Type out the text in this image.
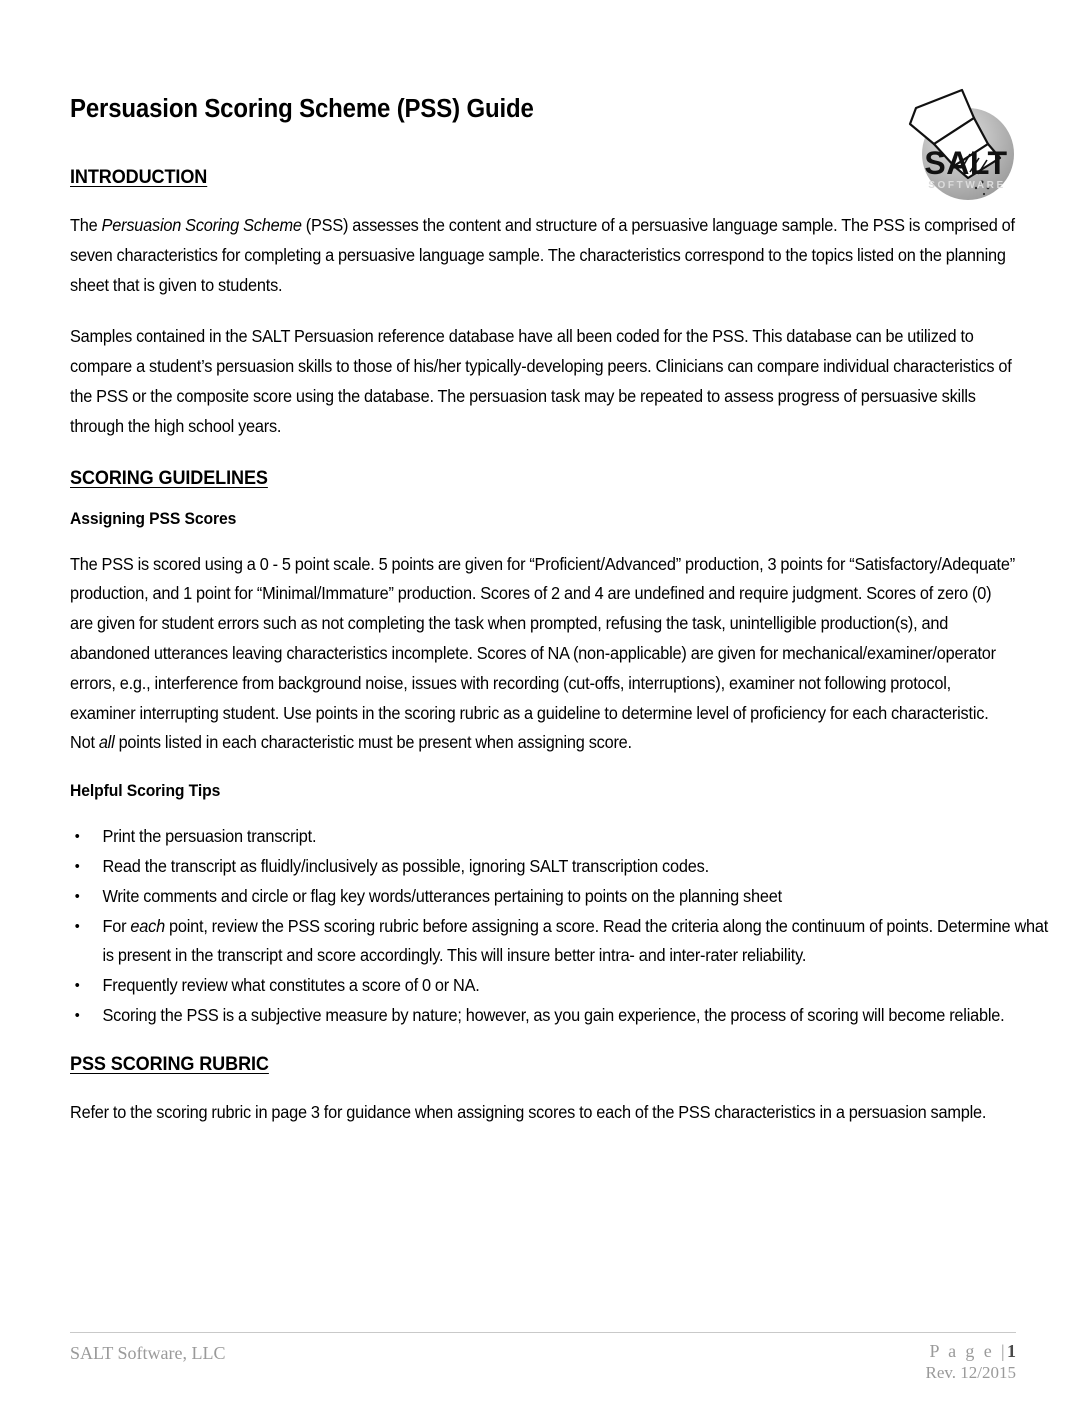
Persuasion Scoring Scheme (PSS) Guide
SALT
SOFTWARE
INTRODUCTION

The Persuasion Scoring Scheme (PSS) assesses the content and structure of a persuasive language sample. The PSS is comprised of seven characteristics for completing a persuasive language sample. The characteristics correspond to the topics listed on the planning sheet that is given to students.

Samples contained in the SALT Persuasion reference database have all been coded for the PSS. This database can be utilized to compare a student’s persuasion skills to those of his/her typically-developing peers. Clinicians can compare individual characteristics of the PSS or the composite score using the database. The persuasion task may be repeated to assess progress of persuasive skills through the high school years.

SCORING GUIDELINES
Assigning PSS Scores

The PSS is scored using a 0 - 5 point scale. 5 points are given for “Proficient/Advanced” production, 3 points for “Satisfactory/Adequate” production, and 1 point for “Minimal/Immature” production. Scores of 2 and 4 are undefined and require judgment. Scores of zero (0) are given for student errors such as not completing the task when prompted, refusing the task, unintelligible production(s), and abandoned utterances leaving characteristics incomplete. Scores of NA (non-applicable) are given for mechanical/examiner/operator errors, e.g., interference from background noise, issues with recording (cut-offs, interruptions), examiner not following protocol, examiner interrupting student. Use points in the scoring rubric as a guideline to determine level of proficiency for each characteristic. Not all points listed in each characteristic must be present when assigning score.

Helpful Scoring Tips
• Print the persuasion transcript.
• Read the transcript as fluidly/inclusively as possible, ignoring SALT transcription codes.
• Write comments and circle or flag key words/utterances pertaining to points on the planning sheet
• For each point, review the PSS scoring rubric before assigning a score. Read the criteria along the continuum of points. Determine what is present in the transcript and score accordingly. This will insure better intra- and inter-rater reliability.
• Frequently review what constitutes a score of 0 or NA.
• Scoring the PSS is a subjective measure by nature; however, as you gain experience, the process of scoring will become reliable.
PSS SCORING RUBRIC

Refer to the scoring rubric in page 3 for guidance when assigning scores to each of the PSS characteristics in a persuasion sample.

SALT Software, LLC	P a g e |1
Rev. 12/2015
